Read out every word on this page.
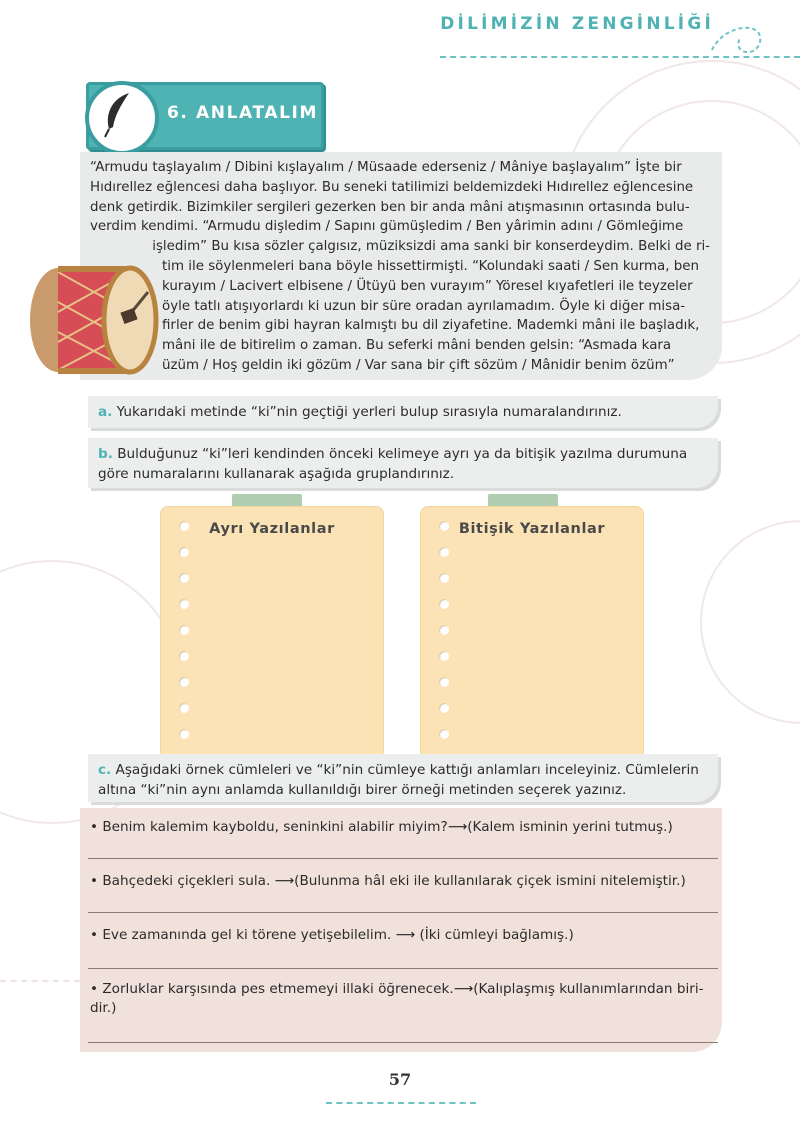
DİLİMİZİN ZENGİNLİĞİ
6. ANLATALIM
“Armudu taşlayalım / Dibini kışlayalım / Müsaade ederseniz / Mâniye başlayalım” İşte bir
Hıdırellez eğlencesi daha başlıyor. Bu seneki tatilimizi beldemizdeki Hıdırellez eğlencesine
denk getirdik. Bizimkiler sergileri gezerken ben bir anda mâni atışmasının ortasında bulu-
verdim kendimi. “Armudu dişledim / Sapını gümüşledim / Ben yârimin adını / Gömleğime
işledim” Bu kısa sözler çalgısız, müziksizdi ama sanki bir konserdeydim. Belki de ri-
tim ile söylenmeleri bana böyle hissettirmişti. “Kolundaki saati / Sen kurma, ben
kurayım / Lacivert elbisene / Ütüyü ben vurayım” Yöresel kıyafetleri ile teyzeler
öyle tatlı atışıyorlardı ki uzun bir süre oradan ayrılamadım. Öyle ki diğer misa-
firler de benim gibi hayran kalmıştı bu dil ziyafetine. Mademki mâni ile başladık,
mâni ile de bitirelim o zaman. Bu seferki mâni benden gelsin: “Asmada kara
üzüm / Hoş geldin iki gözüm / Var sana bir çift sözüm / Mânidir benim özüm”
a. Yukarıdaki metinde “ki”nin geçtiği yerleri bulup sırasıyla numaralandırınız.
b. Bulduğunuz “ki”leri kendinden önceki kelimeye ayrı ya da bitişik yazılma durumuna
göre numaralarını kullanarak aşağıda gruplandırınız.
Ayrı Yazılanlar	Bitişik Yazılanlar
c. Aşağıdaki örnek cümleleri ve “ki”nin cümleye kattığı anlamları inceleyiniz. Cümlelerin
altına “ki”nin aynı anlamda kullanıldığı birer örneği metinden seçerek yazınız.
• Benim kalemim kayboldu, seninkini alabilir miyim?⟶(Kalem isminin yerini tutmuş.)
• Bahçedeki çiçekleri sula. ⟶(Bulunma hâl eki ile kullanılarak çiçek ismini nitelemiştir.)
• Eve zamanında gel ki törene yetişebilelim. ⟶ (İki cümleyi bağlamış.)
• Zorluklar karşısında pes etmemeyi illaki öğrenecek.⟶(Kalıplaşmış kullanımlarından biri-
dir.)
57
